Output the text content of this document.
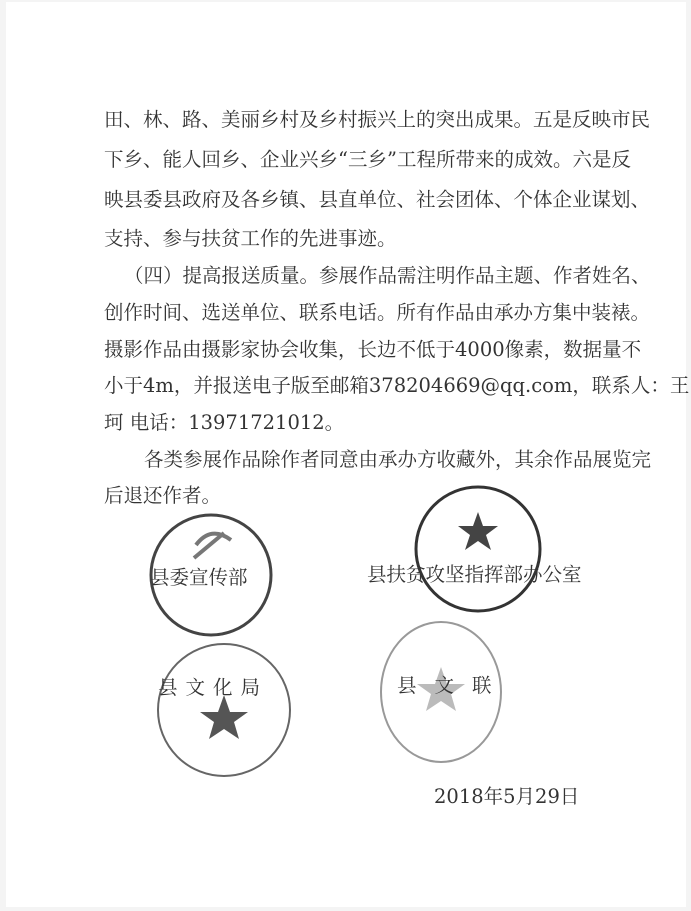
田、林、路、美丽乡村及乡村振兴上的突出成果。五是反映市民
下乡、能人回乡、企业兴乡“三乡”工程所带来的成效。六是反
映县委县政府及各乡镇、县直单位、社会团体、个体企业谋划、
支持、参与扶贫工作的先进事迹。
（四）提高报送质量。参展作品需注明作品主题、作者姓名、
创作时间、选送单位、联系电话。所有作品由承办方集中装裱。
摄影作品由摄影家协会收集，长边不低于4000像素，数据量不
小于4m，并报送电子版至邮箱378204669@qq.com，联系人：王
珂 电话：13971721012。
各类参展作品除作者同意由承办方收藏外，其余作品展览完
后退还作者。
县委宣传部	县扶贫攻坚指挥部办公室
县文化局	县文联
2018年5月29日
